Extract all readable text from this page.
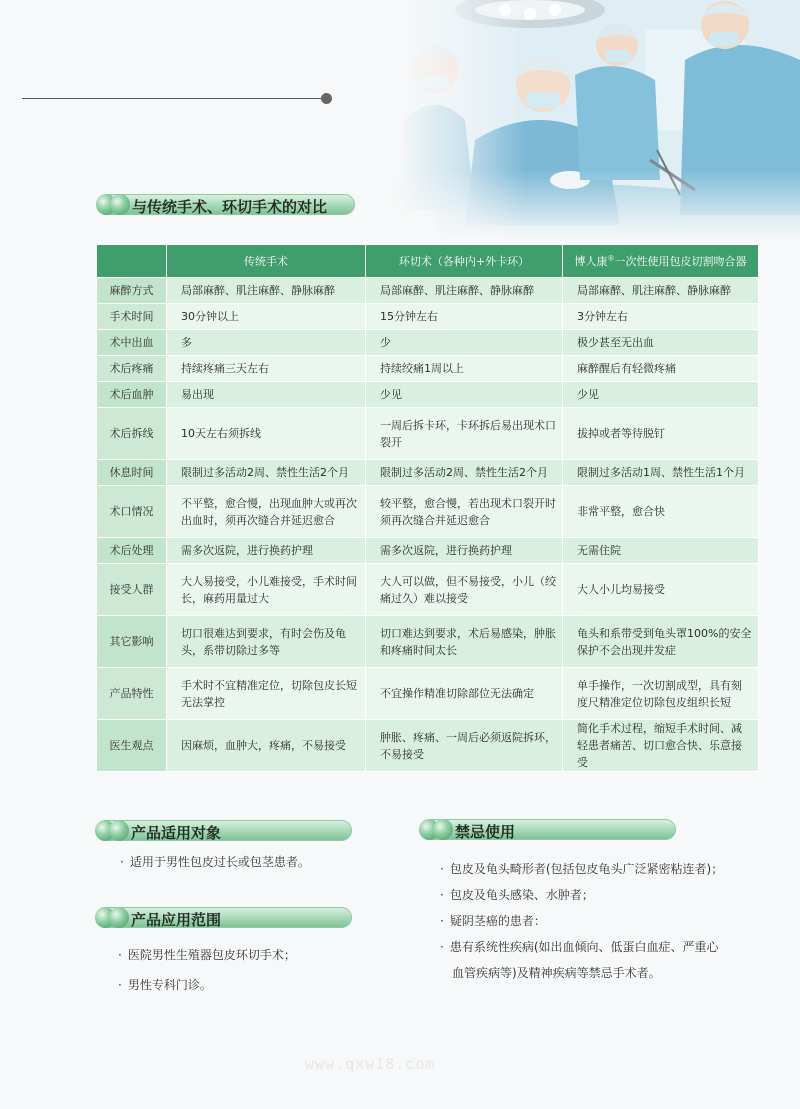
与传统手术、环切手术的对比
	传统手术	环切术（各种内+外卡环）	博人康®一次性使用包皮切割吻合器
麻醉方式	局部麻醉、肌注麻醉、静脉麻醉	局部麻醉、肌注麻醉、静脉麻醉	局部麻醉、肌注麻醉、静脉麻醉
手术时间	30分钟以上	15分钟左右	3分钟左右
术中出血	多	少	极少甚至无出血
术后疼痛	持续疼痛三天左右	持续绞痛1周以上	麻醉醒后有轻微疼痛
术后血肿	易出现	少见	少见
术后拆线	10天左右须拆线	一周后拆卡环，卡环拆后易出现术口裂开	拔掉或者等待脱钉
休息时间	限制过多活动2周、禁性生活2个月	限制过多活动2周、禁性生活2个月	限制过多活动1周、禁性生活1个月
术口情况	不平整，愈合慢，出现血肿大或再次出血时，须再次缝合并延迟愈合	较平整，愈合慢，若出现术口裂开时须再次缝合并延迟愈合	非常平整，愈合快
术后处理	需多次返院，进行换药护理	需多次返院，进行换药护理	无需住院
接受人群	大人易接受，小儿难接受，手术时间长，麻药用量过大	大人可以做，但不易接受，小儿（绞痛过久）难以接受	大人小儿均易接受
其它影响	切口很难达到要求，有时会伤及龟头，系带切除过多等	切口难达到要求，术后易感染，肿胀和疼痛时间太长	龟头和系带受到龟头罩100%的安全保护不会出现并发症
产品特性	手术时不宜精准定位，切除包皮长短无法掌控	不宜操作精准切除部位无法确定	单手操作，一次切割成型，具有刻度尺精准定位切除包皮组织长短
医生观点	因麻烦，血肿大，疼痛，不易接受	肿胀、疼痛、一周后必须返院拆环，不易接受	简化手术过程，缩短手术时间、减轻患者痛苦、切口愈合快、乐意接受
产品适用对象
· 适用于男性包皮过长或包茎患者。
产品应用范围
· 医院男性生殖器包皮环切手术；
· 男性专科门诊。
禁忌使用
· 包皮及龟头畸形者(包括包皮龟头广泛紧密粘连者)；
· 包皮及龟头感染、水肿者；
· 疑阴茎癌的患者：
· 患有系统性疾病(如出血倾向、低蛋白血症、严重心
血管疾病等)及精神疾病等禁忌手术者。
www.qxw18.com
